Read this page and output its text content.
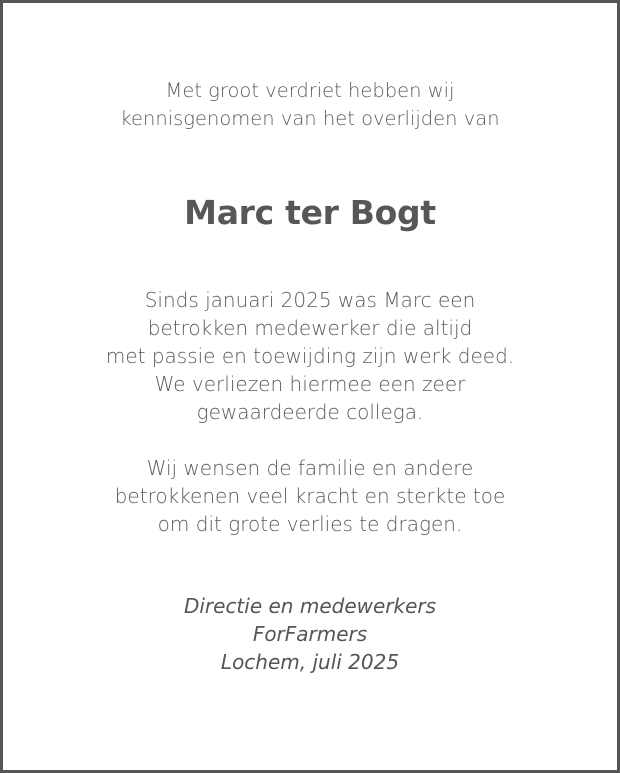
Met groot verdriet hebben wij
kennisgenomen van het overlijden van
Marc ter Bogt
Sinds januari 2025 was Marc een
betrokken medewerker die altijd
met passie en toewijding zijn werk deed.
We verliezen hiermee een zeer
gewaardeerde collega.
Wij wensen de familie en andere
betrokkenen veel kracht en sterkte toe
om dit grote verlies te dragen.
Directie en medewerkers
ForFarmers
Lochem, juli 2025
